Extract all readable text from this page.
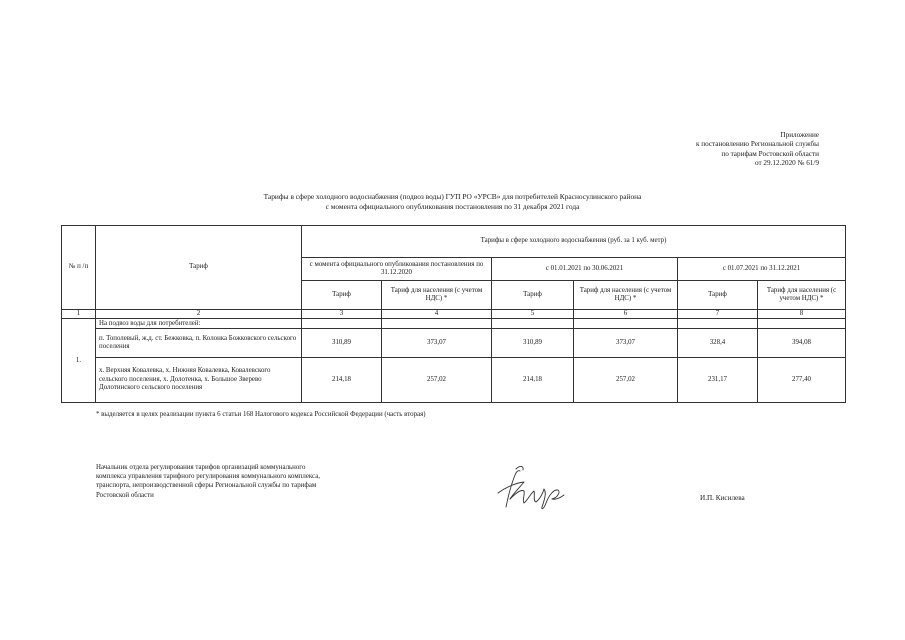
Приложение
к постановлению Региональной службы
по тарифам Ростовской области
от 29.12.2020 № 61/9
Тарифы в сфере холодного водоснабжения (подвоз воды) ГУП РО «УРСВ» для потребителей Красносулинского района
с момента официального опубликования постановления по 31 декабря 2021 года
№ п /п	Тариф	Тарифы в сфере холодного водоснабжения (руб. за 1 куб. метр)					
		с момента официального опубликования постановления по 31.12.2020		с 01.01.2021 по 30.06.2021		с 01.07.2021 по 31.12.2021	
		Тариф	Тариф для населения (с учетом НДС) *	Тариф	Тариф для населения (с учетом НДС) *	Тариф	Тариф для населения (с учетом НДС) *
1	2	3	4	5	6	7	8
1.	На подвоз воды для потребителей:						
	п. Тополевый, ж.д. ст. Бежковка, п. Колонка Божковского сельского поселения	310,89	373,07	310,89	373,07	328,4	394,08
	х. Верхняя Ковалевка, х. Нижняя Ковалевка, Ковалевского сельского поселения, х. Долотенка, х. Большое Зверево Долотинского сельского поселения	214,18	257,02	214,18	257,02	231,17	277,40
* выделяется в целях реализации пункта 6 статьи 168 Налогового кодекса Российской Федерации (часть вторая)
Начальник отдела регулирования тарифов организаций коммунального
комплекса управления тарифного регулирования коммунального комплекса,
транспорта, непроизводственной сферы Региональной службы по тарифам
Ростовской области	И.П. Кисилева
